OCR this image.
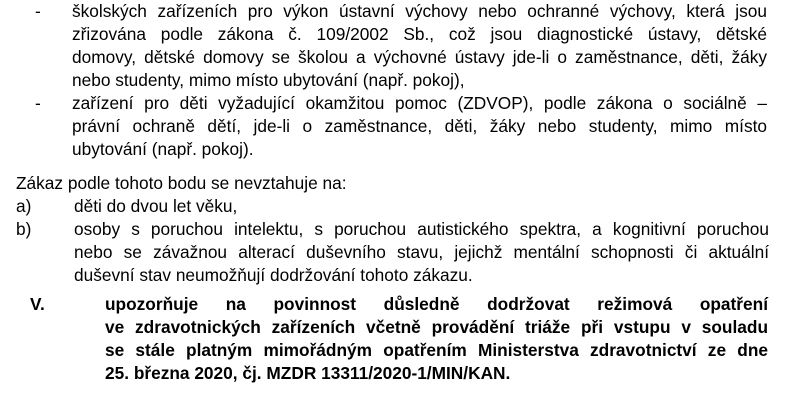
-	školských zařízeních pro výkon ústavní výchovy nebo ochranné výchovy, která jsou
zřizována podle zákona č. 109/2002 Sb., což jsou diagnostické ústavy, dětské
domovy, dětské domovy se školou a výchovné ústavy jde-li o zaměstnance, děti, žáky
nebo studenty, mimo místo ubytování (např. pokoj),
-	zařízení pro děti vyžadující okamžitou pomoc (ZDVOP), podle zákona o sociálně –
právní ochraně dětí, jde-li o zaměstnance, děti, žáky nebo studenty, mimo místo
ubytování (např. pokoj).
Zákaz podle tohoto bodu se nevztahuje na:
a)	děti do dvou let věku,
b)	osoby s poruchou intelektu, s poruchou autistického spektra, a kognitivní poruchou
nebo se závažnou alterací duševního stavu, jejichž mentální schopnosti či aktuální
duševní stav neumožňují dodržování tohoto zákazu.
V.	upozorňuje na povinnost důsledně dodržovat režimová opatření
ve zdravotnických zařízeních včetně provádění triáže při vstupu v souladu
se stále platným mimořádným opatřením Ministerstva zdravotnictví ze dne
25. března 2020, čj. MZDR 13311/2020-1/MIN/KAN.
